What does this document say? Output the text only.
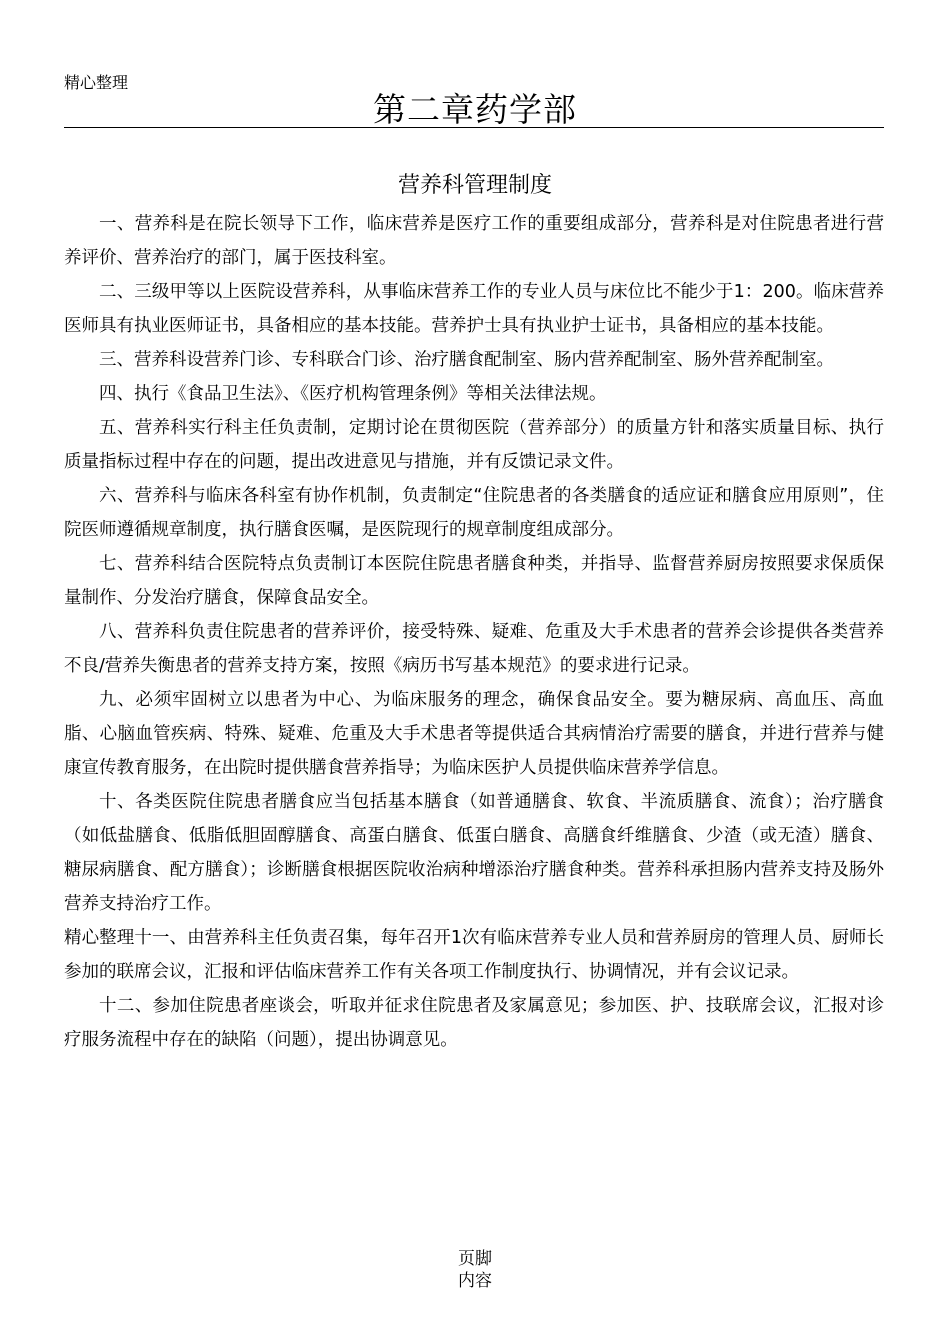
精心整理
第二章药学部
营养科管理制度

一、营养科是在院长领导下工作，临床营养是医疗工作的重要组成部分，营养科是对住院患者进行营养评价、营养治疗的部门，属于医技科室。

二、三级甲等以上医院设营养科，从事临床营养工作的专业人员与床位比不能少于1：200。临床营养医师具有执业医师证书，具备相应的基本技能。营养护士具有执业护士证书，具备相应的基本技能。

三、营养科设营养门诊、专科联合门诊、治疗膳食配制室、肠内营养配制室、肠外营养配制室。

四、执行《食品卫生法》、《医疗机构管理条例》等相关法律法规。

五、营养科实行科主任负责制，定期讨论在贯彻医院（营养部分）的质量方针和落实质量目标、执行质量指标过程中存在的问题，提出改进意见与措施，并有反馈记录文件。

六、营养科与临床各科室有协作机制，负责制定“住院患者的各类膳食的适应证和膳食应用原则”，住院医师遵循规章制度，执行膳食医嘱，是医院现行的规章制度组成部分。

七、营养科结合医院特点负责制订本医院住院患者膳食种类，并指导、监督营养厨房按照要求保质保量制作、分发治疗膳食，保障食品安全。

八、营养科负责住院患者的营养评价，接受特殊、疑难、危重及大手术患者的营养会诊提供各类营养不良/营养失衡患者的营养支持方案，按照《病历书写基本规范》的要求进行记录。

九、必须牢固树立以患者为中心、为临床服务的理念，确保食品安全。要为糖尿病、高血压、高血脂、心脑血管疾病、特殊、疑难、危重及大手术患者等提供适合其病情治疗需要的膳食，并进行营养与健康宣传教育服务，在出院时提供膳食营养指导；为临床医护人员提供临床营养学信息。

十、各类医院住院患者膳食应当包括基本膳食（如普通膳食、软食、半流质膳食、流食）；治疗膳食（如低盐膳食、低脂低胆固醇膳食、高蛋白膳食、低蛋白膳食、高膳食纤维膳食、少渣（或无渣）膳食、糖尿病膳食、配方膳食）；诊断膳食根据医院收治病种增添治疗膳食种类。营养科承担肠内营养支持及肠外营养支持治疗工作。

精心整理十一、由营养科主任负责召集，每年召开1次有临床营养专业人员和营养厨房的管理人员、厨师长参加的联席会议，汇报和评估临床营养工作有关各项工作制度执行、协调情况，并有会议记录。

十二、参加住院患者座谈会，听取并征求住院患者及家属意见；参加医、护、技联席会议，汇报对诊疗服务流程中存在的缺陷（问题），提出协调意见。

页脚
内容
